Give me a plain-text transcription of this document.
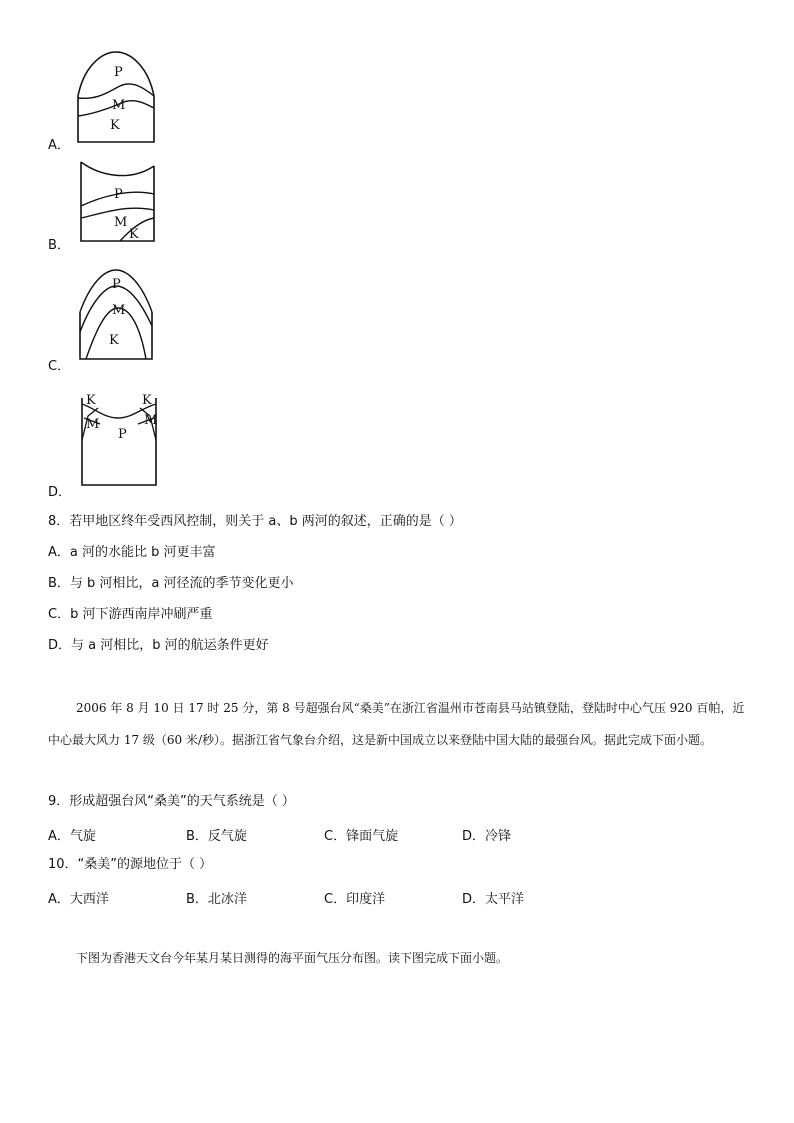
A．
P
M
K
B．
P
M
K
C．
P
M
K
D．
K	K
M	M
P
8．若甲地区终年受西风控制，则关于 a、b 两河的叙述，正确的是（ ）
A．a 河的水能比 b 河更丰富
B．与 b 河相比，a 河径流的季节变化更小
C．b 河下游西南岸冲刷严重
D．与 a 河相比，b 河的航运条件更好
2006 年 8 月 10 日 17 时 25 分，第 8 号超强台风“桑美”在浙江省温州市苍南县马站镇登陆，登陆时中心气压 920 百帕，近中心最大风力 17 级（60 米/秒）。据浙江省气象台介绍，这是新中国成立以来登陆中国大陆的最强台风。据此完成下面小题。
9．形成超强台风“桑美”的天气系统是（ ）
A．气旋	B．反气旋	C．锋面气旋	D．冷锋
10．“桑美”的源地位于（ ）
A．大西洋	B．北冰洋	C．印度洋	D．太平洋
下图为香港天文台今年某月某日测得的海平面气压分布图。读下图完成下面小题。
